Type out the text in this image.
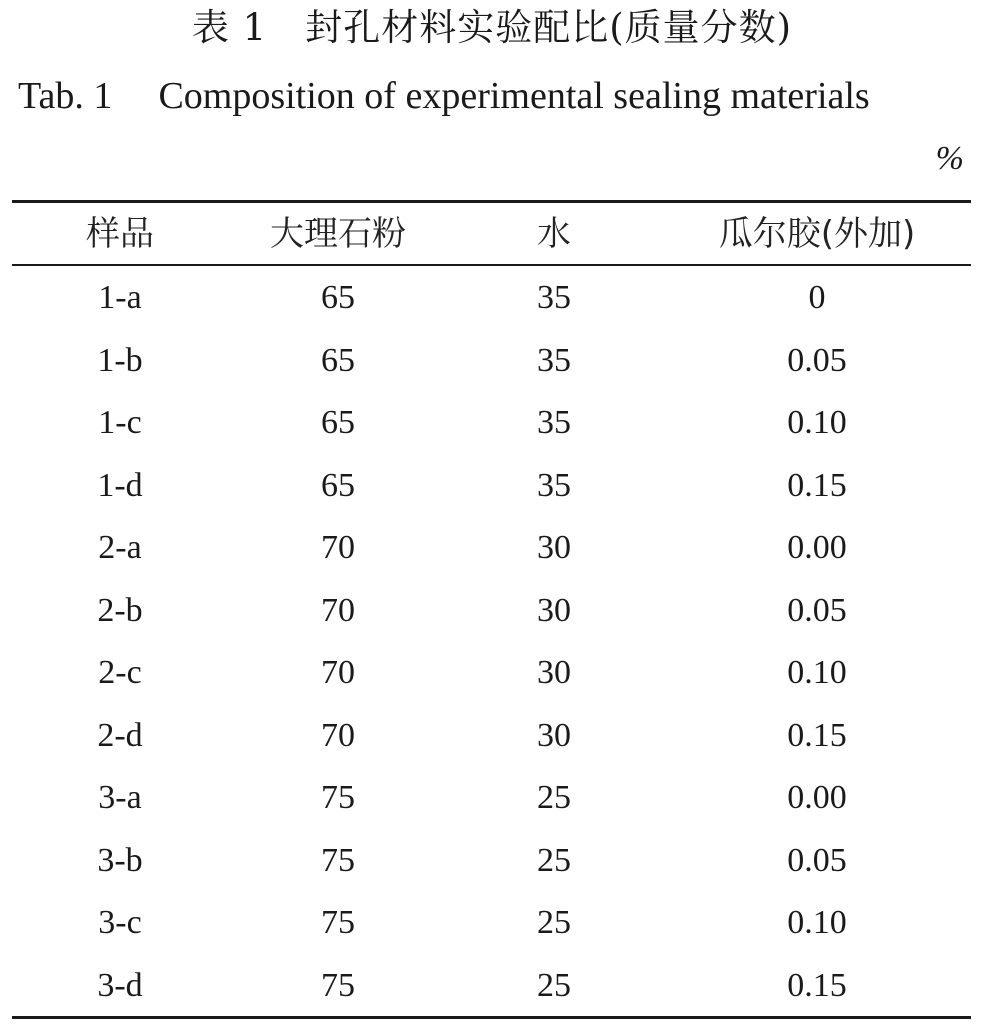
表 1　封孔材料实验配比(质量分数)
Tab. 1 Composition of experimental sealing materials
%
样品	大理石粉	水	瓜尔胶(外加)
1-a	65	35	0
1-b	65	35	0.05
1-c	65	35	0.10
1-d	65	35	0.15
2-a	70	30	0.00
2-b	70	30	0.05
2-c	70	30	0.10
2-d	70	30	0.15
3-a	75	25	0.00
3-b	75	25	0.05
3-c	75	25	0.10
3-d	75	25	0.15
